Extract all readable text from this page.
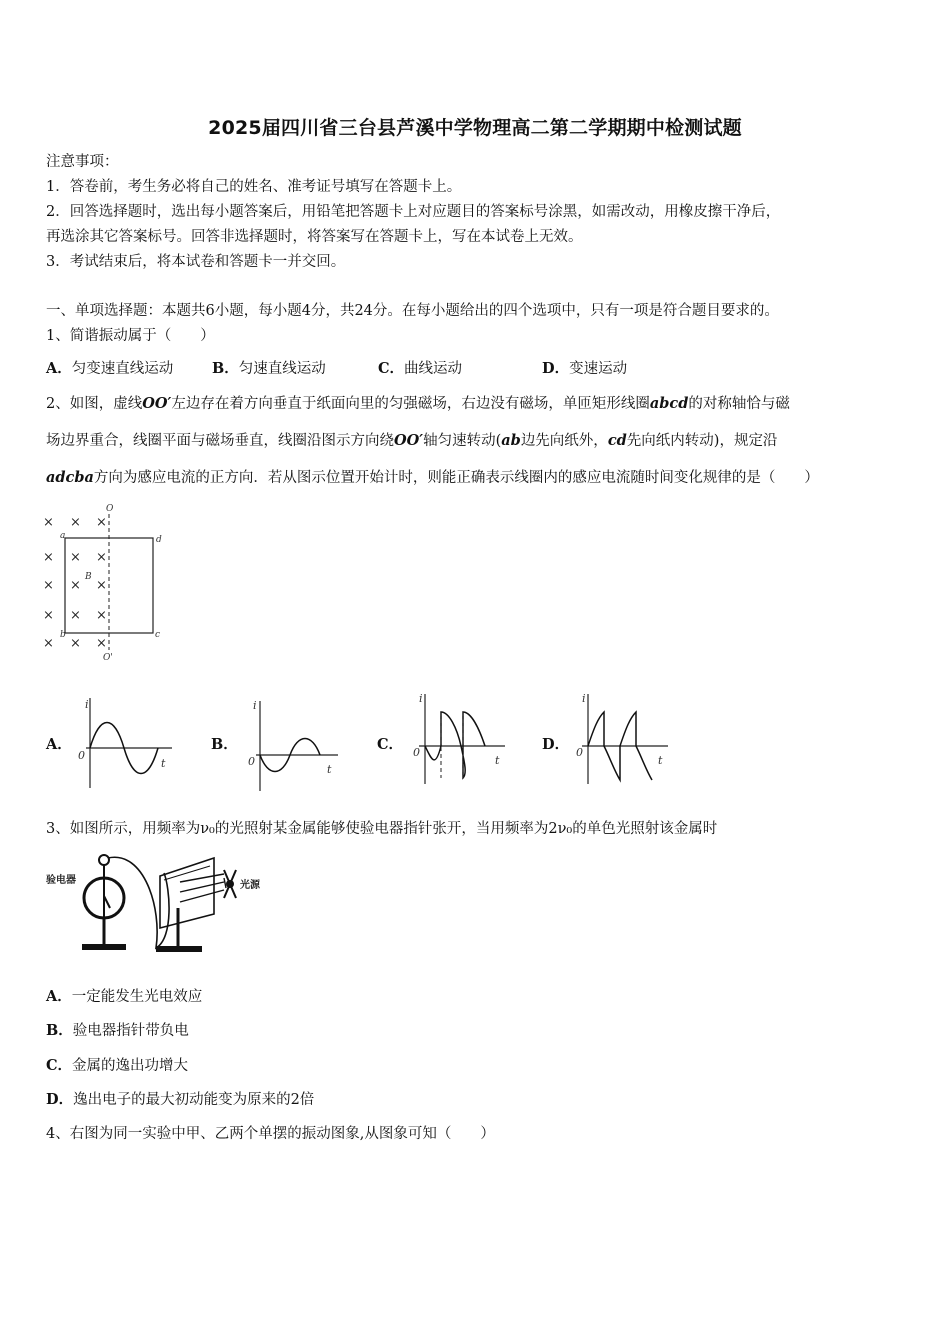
2025届四川省三台县芦溪中学物理高二第二学期期中检测试题
注意事项：
1．答卷前，考生务必将自己的姓名、准考证号填写在答题卡上。
2．回答选择题时，选出每小题答案后，用铅笔把答题卡上对应题目的答案标号涂黑，如需改动，用橡皮擦干净后，
再选涂其它答案标号。回答非选择题时，将答案写在答题卡上，写在本试卷上无效。
3．考试结束后，将本试卷和答题卡一并交回。
一、单项选择题：本题共6小题，每小题4分，共24分。在每小题给出的四个选项中，只有一项是符合题目要求的。
1、简谐振动属于（　　）
A．匀变速直线运动	B．匀速直线运动	C．曲线运动	D．变速运动
2、如图，虚线OO′左边存在着方向垂直于纸面向里的匀强磁场，右边没有磁场，单匝矩形线圈abcd的对称轴恰与磁
场边界重合，线圈平面与磁场垂直，线圈沿图示方向绕OO′轴匀速转动(ab边先向纸外，cd先向纸内转动)，规定沿
adcba方向为感应电流的正方向．若从图示位置开始计时，则能正确表示线圈内的感应电流随时间变化规律的是（　　）
× × ×
× × ×
× × ×
× × ×
× × ×
O
a
b	c
d
B
O'
A．
i
t
0
B．
i
t
0
C．
i
t
0	D．
i
t
0
3、如图所示，用频率为ν₀的光照射某金属能够使验电器指针张开，当用频率为2ν₀的单色光照射该金属时
验电器	光源
A．一定能发生光电效应
B．验电器指针带负电
C．金属的逸出功增大
D．逸出电子的最大初动能变为原来的2倍
4、右图为同一实验中甲、乙两个单摆的振动图象,从图象可知（　　）
